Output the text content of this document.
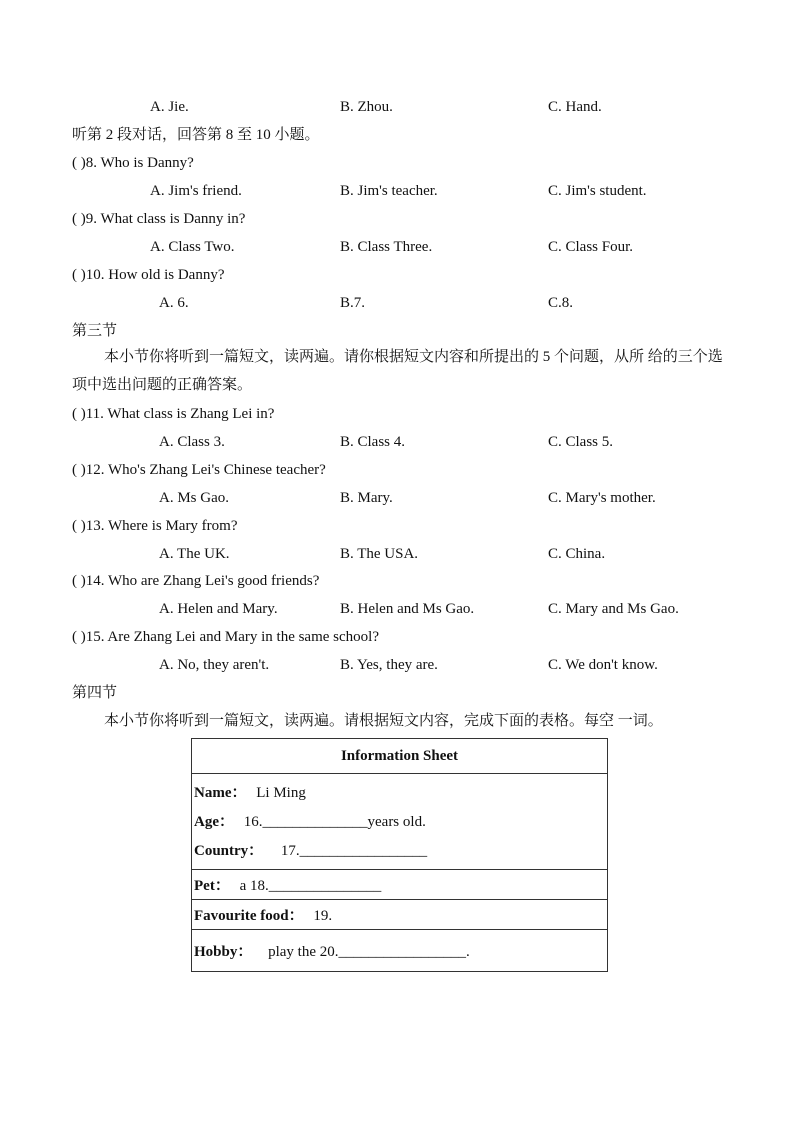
A. Jie.	B. Zhou.	C. Hand.
听第 2 段对话，回答第 8 至 10 小题。
( )8. Who is Danny?
A. Jim's friend.	B. Jim's teacher.	C. Jim's student.
( )9. What class is Danny in?
A. Class Two.	B. Class Three.	C. Class Four.
( )10. How old is Danny?
A. 6.	B.7.	C.8.
第三节
本小节你将听到一篇短文，读两遍。请你根据短文内容和所提出的 5 个问题，从所 给的三个选项中选出问题的正确答案。
( )11. What class is Zhang Lei in?
A. Class 3.	B. Class 4.	C. Class 5.
( )12. Who's Zhang Lei's Chinese teacher?
A. Ms Gao.	B. Mary.	C. Mary's mother.
( )13. Where is Mary from?
A. The UK.	B. The USA.	C. China.
( )14. Who are Zhang Lei's good friends?
A. Helen and Mary.	B. Helen and Ms Gao.	C. Mary and Ms Gao.
( )15. Are Zhang Lei and Mary in the same school?
A. No, they aren't.	B. Yes, they are.	C. We don't know.
第四节
本小节你将听到一篇短文，读两遍。请根据短文内容，完成下面的表格。每空 一词。
Information Sheet

Name： Li Ming
Age： 16.______________years old.
Country： 17._________________

Pet： a 18._______________
Favourite food： 19.
Hobby： play the 20._________________.
